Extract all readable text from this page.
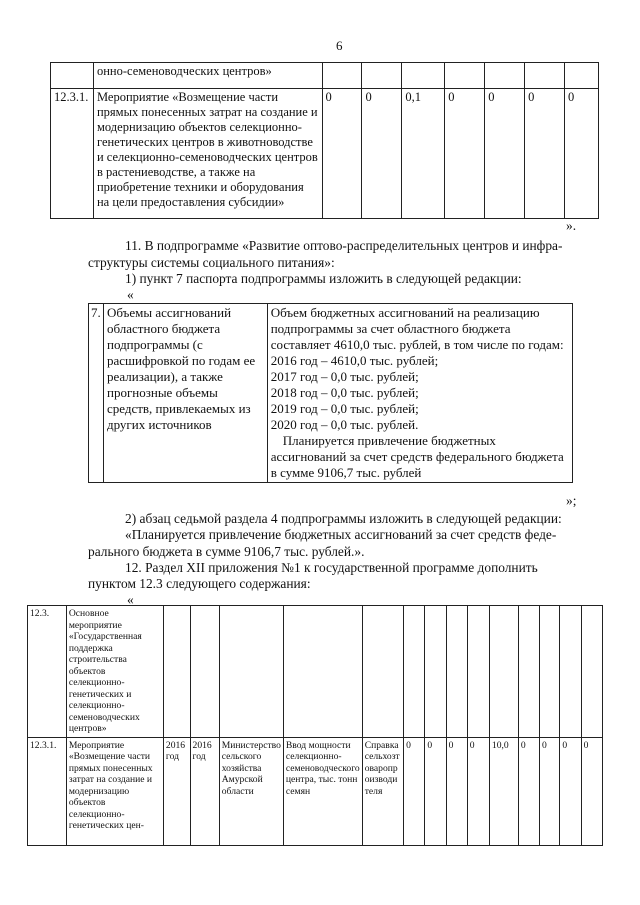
6
	онно-семеноводческих центров»							
12.3.1.	Мероприятие «Возмещение части прямых понесенных затрат на создание и модернизацию объектов селекционно-генетических центров в животноводстве и селекционно-семеноводческих центров в растениеводстве, а также на приобретение техники и оборудования на цели предоставления субсидии»	0	0	0,1	0	0	0	0
».
11. В подпрограмме «Развитие оптово-распределительных центров и инфра-
структуры системы социального питания»:
1) пункт 7 паспорта подпрограммы изложить в следующей редакции:
«
7.	Объемы ассигнований областного бюджета подпрограммы (с расшифровкой по годам ее реализации), а также прогнозные объемы средств, привлекаемых из других источников	
Объем бюджетных ассигнований на реализацию подпрограммы за счет областного бюджета составляет 4610,0 тыс. рублей, в том числе по годам:
2016 год – 4610,0 тыс. рублей;
2017 год – 0,0 тыс. рублей;
2018 год – 0,0 тыс. рублей;
2019 год – 0,0 тыс. рублей;
2020 год – 0,0 тыс. рублей.
Планируется привлечение бюджетных ассигнований за счет средств федерального бюджета в сумме 9106,7 тыс. рублей
»;
2) абзац седьмой раздела 4 подпрограммы изложить в следующей редакции:
«Планируется привлечение бюджетных ассигнований за счет средств феде-
рального бюджета в сумме 9106,7 тыс. рублей.».
12. Раздел XII приложения №1 к государственной программе дополнить
пунктом 12.3 следующего содержания:
«
12.3.	Основное мероприятие «Государственная поддержка строительства объектов селекционно-генетических и селекционно-семеноводческих центров»														
12.3.1.	Мероприятие «Возмещение части прямых понесенных затрат на создание и модернизацию объектов селекционно-генетических цен-	2016 год	2016 год	Министерство сельского хозяйства Амурской области	Ввод мощности селекционно-семеноводческого центра, тыс. тонн семян	Справка сельхозтоваропроизводителя	0	0	0	0	10,0	0	0	0	0
